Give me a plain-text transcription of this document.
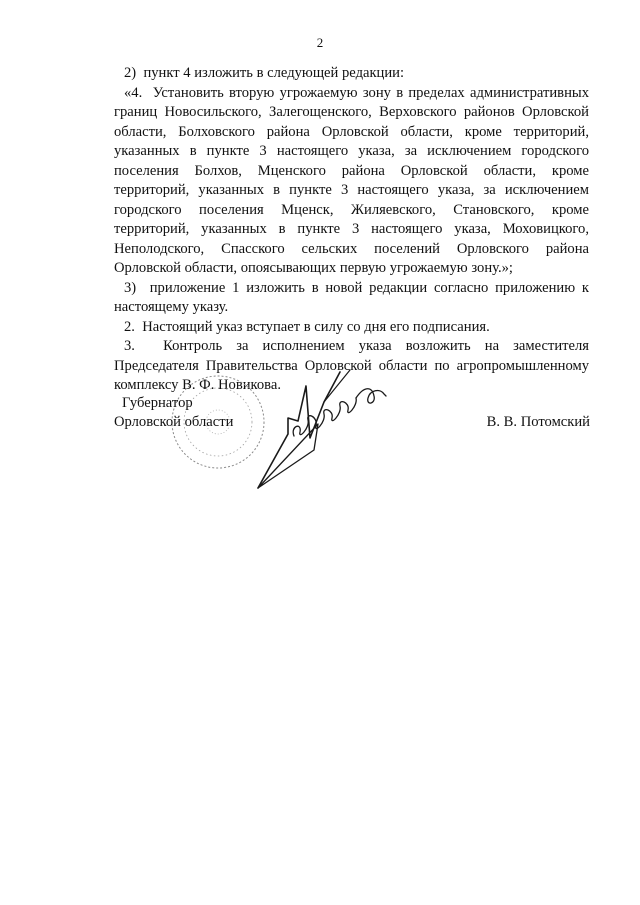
2

2)  пункт 4 изложить в следующей редакции:

«4.  Установить вторую угрожаемую зону в пределах административных границ Новосильского, Залегощенского, Верховского районов Орловской области, Болховского района Орловской области, кроме территорий, указанных в пункте 3 настоящего указа, за исключением городского поселения Болхов, Мценского района Орловской области, кроме территорий, указанных в пункте 3 настоящего указа, за исключением городского поселения Мценск, Жиляевского, Становского, кроме территорий, указанных в пункте 3 настоящего указа, Моховицкого, Неполодского, Спасского сельских поселений Орловского района Орловской области, опоясывающих первую угрожаемую зону.»;

3)  приложение 1 изложить в новой редакции согласно приложению к настоящему указу.

2.  Настоящий указ вступает в силу со дня его подписания.

3.  Контроль за исполнением указа возложить на заместителя Председателя Правительства Орловской области по агропромышленному комплексу В. Ф. Новикова.

Губернатор
Орловской области	В. В. Потомский
